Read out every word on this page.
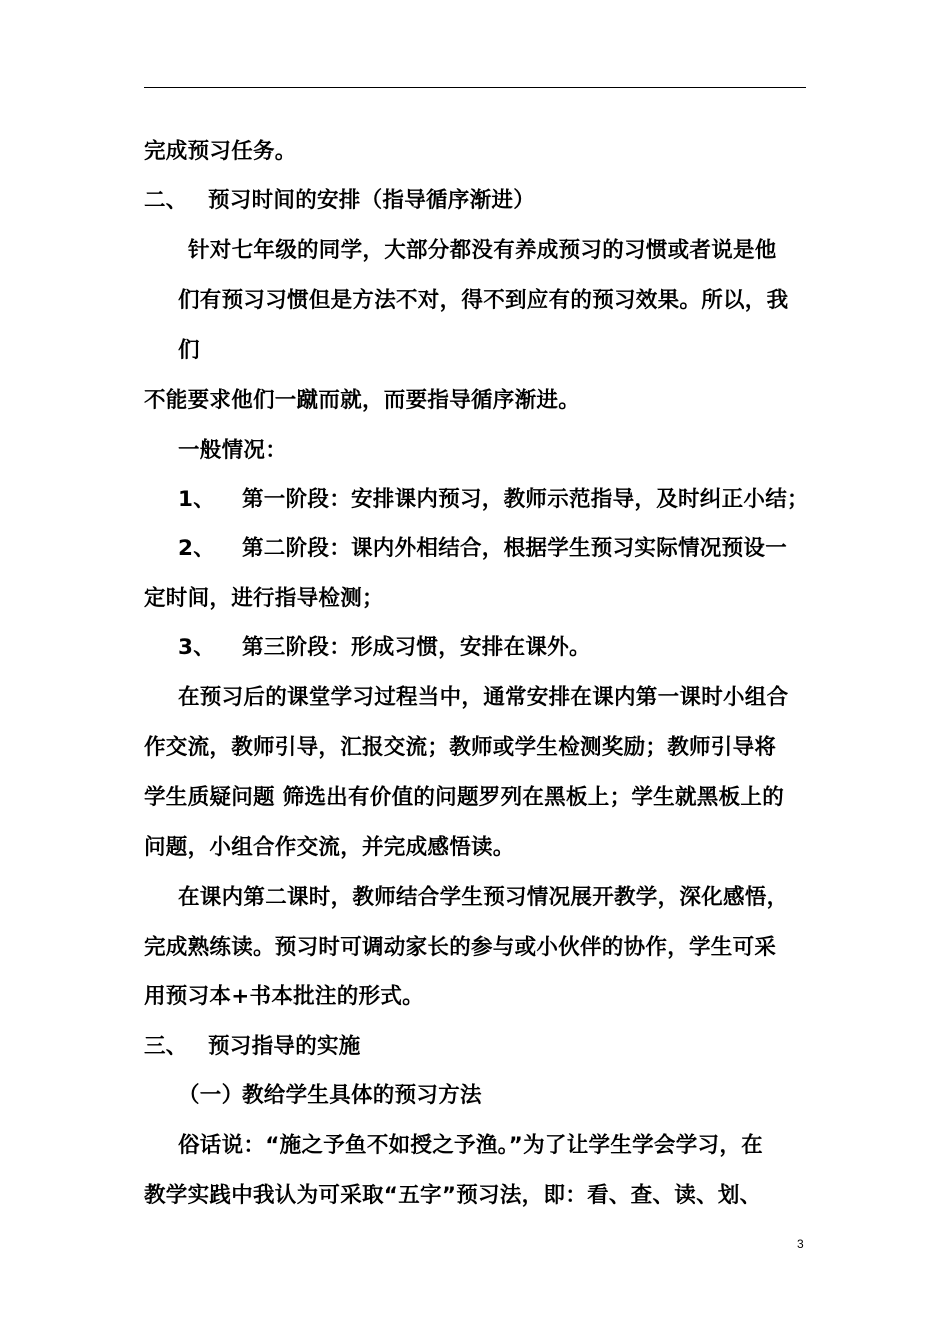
完成预习任务。
二、 预习时间的安排（指导循序渐进）
针对七年级的同学，大部分都没有养成预习的习惯或者说是他
们有预习习惯但是方法不对，得不到应有的预习效果。所以，我
们
不能要求他们一蹴而就，而要指导循序渐进。
一般情况：
1、 第一阶段：安排课内预习，教师示范指导，及时纠正小结；
2、 第二阶段：课内外相结合，根据学生预习实际情况预设一
定时间，进行指导检测；
3、 第三阶段：形成习惯，安排在课外。
在预习后的课堂学习过程当中，通常安排在课内第一课时小组合
作交流，教师引导，汇报交流；教师或学生检测奖励；教师引导将
学生质疑问题 筛选出有价值的问题罗列在黑板上；学生就黑板上的
问题，小组合作交流，并完成感悟读。
在课内第二课时，教师结合学生预习情况展开教学，深化感悟，
完成熟练读。预习时可调动家长的参与或小伙伴的协作，学生可采
用预习本+书本批注的形式。
三、 预习指导的实施
（一）教给学生具体的预习方法
俗话说：“施之予鱼不如授之予渔。”为了让学生学会学习，在
教学实践中我认为可采取“五字”预习法，即：看、查、读、划、
3
